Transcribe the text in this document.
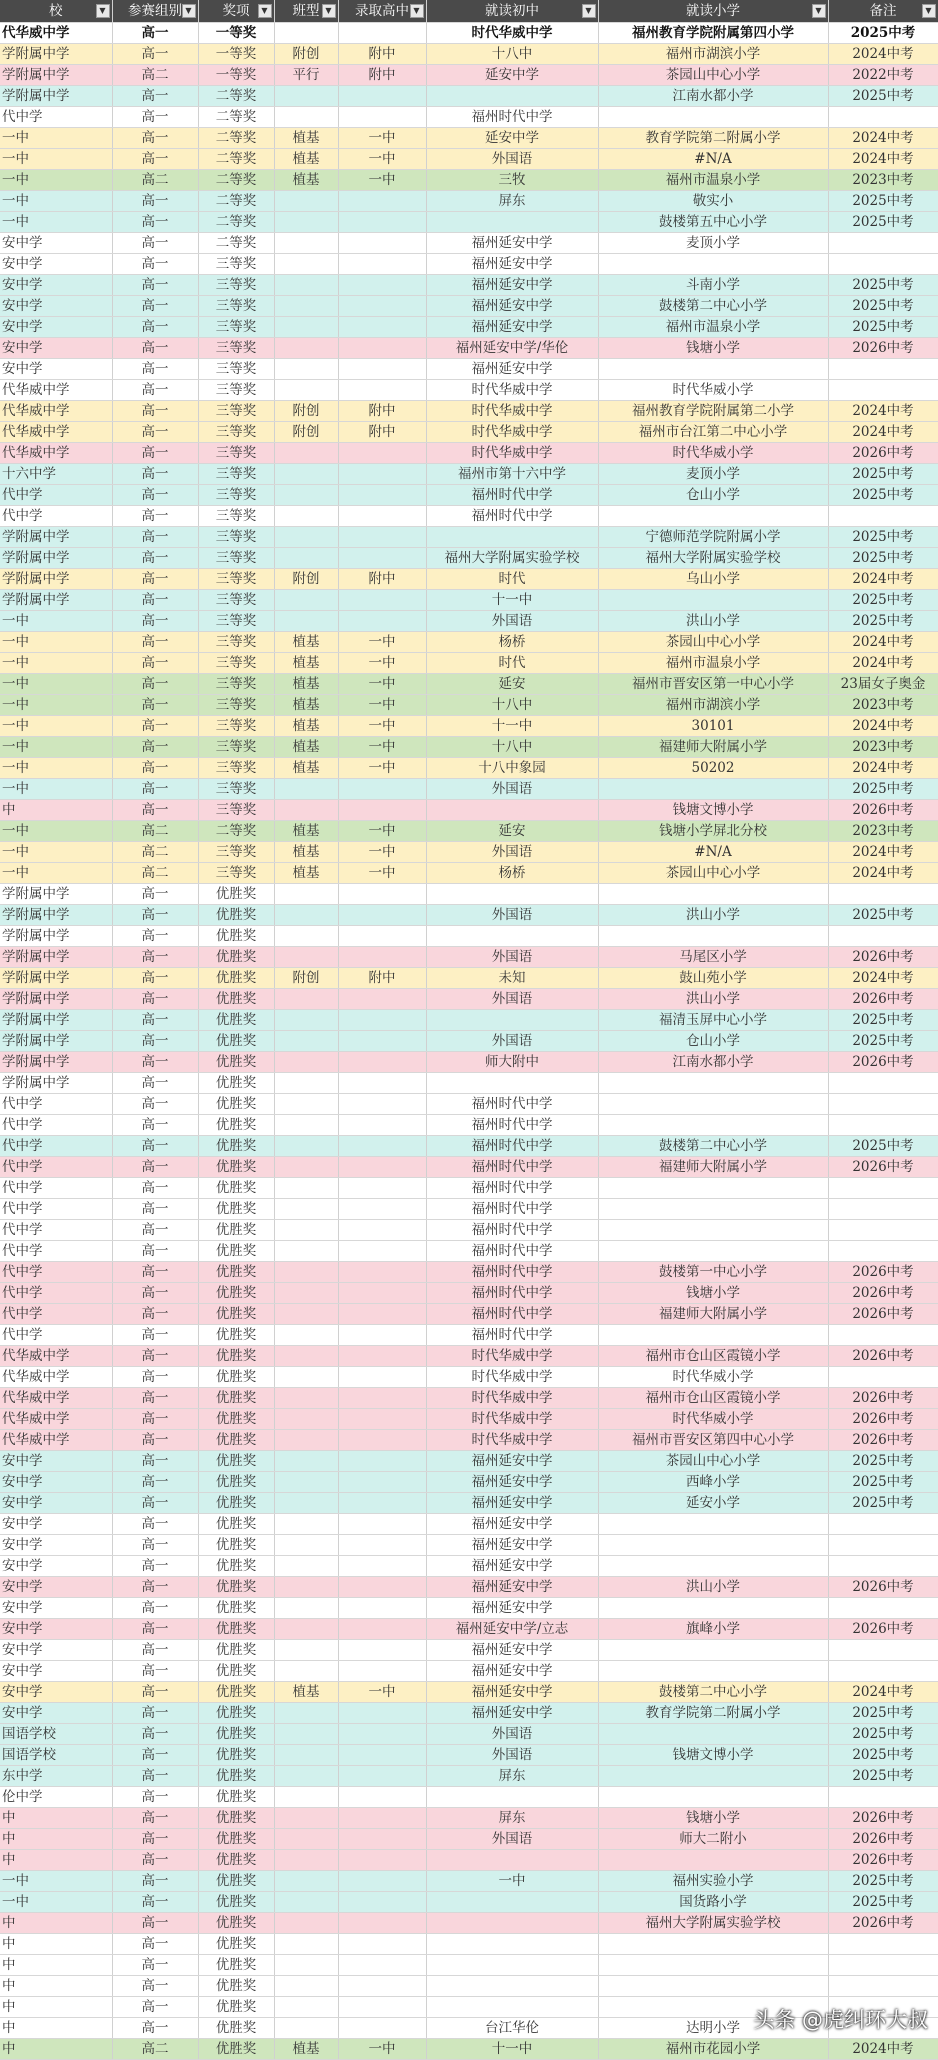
校 ▼	参赛组别 ▼	奖项 ▼	班型 ▼	录取高中 ▼	就读初中 ▼	就读小学 ▼	备注 ▼

代华威中学	高一	一等奖			时代华威中学	福州教育学院附属第四小学	2025中考
学附属中学	高一	一等奖	附创	附中	十八中	福州市湖滨小学	2024中考
学附属中学	高二	一等奖	平行	附中	延安中学	茶园山中心小学	2022中考
学附属中学	高一	二等奖				江南水都小学	2025中考
代中学	高一	二等奖			福州时代中学		
一中	高一	二等奖	植基	一中	延安中学	教育学院第二附属小学	2024中考
一中	高一	二等奖	植基	一中	外国语	#N/A	2024中考
一中	高二	二等奖	植基	一中	三牧	福州市温泉小学	2023中考
一中	高一	二等奖			屏东	敬实小	2025中考
一中	高一	二等奖				鼓楼第五中心小学	2025中考
安中学	高一	二等奖			福州延安中学	麦顶小学	
安中学	高一	三等奖			福州延安中学		
安中学	高一	三等奖			福州延安中学	斗南小学	2025中考
安中学	高一	三等奖			福州延安中学	鼓楼第二中心小学	2025中考
安中学	高一	三等奖			福州延安中学	福州市温泉小学	2025中考
安中学	高一	三等奖			福州延安中学/华伦	钱塘小学	2026中考
安中学	高一	三等奖			福州延安中学		
代华威中学	高一	三等奖			时代华威中学	时代华威小学	
代华威中学	高一	三等奖	附创	附中	时代华威中学	福州教育学院附属第二小学	2024中考
代华威中学	高一	三等奖	附创	附中	时代华威中学	福州市台江第二中心小学	2024中考
代华威中学	高一	三等奖			时代华威中学	时代华威小学	2026中考
十六中学	高一	三等奖			福州市第十六中学	麦顶小学	2025中考
代中学	高一	三等奖			福州时代中学	仓山小学	2025中考
代中学	高一	三等奖			福州时代中学		
学附属中学	高一	三等奖				宁德师范学院附属小学	2025中考
学附属中学	高一	三等奖			福州大学附属实验学校	福州大学附属实验学校	2025中考
学附属中学	高一	三等奖	附创	附中	时代	乌山小学	2024中考
学附属中学	高一	三等奖			十一中		2025中考
一中	高一	三等奖			外国语	洪山小学	2025中考
一中	高一	三等奖	植基	一中	杨桥	茶园山中心小学	2024中考
一中	高一	三等奖	植基	一中	时代	福州市温泉小学	2024中考
一中	高一	三等奖	植基	一中	延安	福州市晋安区第一中心小学	23届女子奥金
一中	高一	三等奖	植基	一中	十八中	福州市湖滨小学	2023中考
一中	高一	三等奖	植基	一中	十一中	30101	2024中考
一中	高一	三等奖	植基	一中	十八中	福建师大附属小学	2023中考
一中	高一	三等奖	植基	一中	十八中象园	50202	2024中考
一中	高一	三等奖			外国语		2025中考
中	高一	三等奖				钱塘文博小学	2026中考
一中	高二	二等奖	植基	一中	延安	钱塘小学屏北分校	2023中考
一中	高二	三等奖	植基	一中	外国语	#N/A	2024中考
一中	高二	三等奖	植基	一中	杨桥	茶园山中心小学	2024中考
学附属中学	高一	优胜奖					
学附属中学	高一	优胜奖			外国语	洪山小学	2025中考
学附属中学	高一	优胜奖					
学附属中学	高一	优胜奖			外国语	马尾区小学	2026中考
学附属中学	高一	优胜奖	附创	附中	未知	鼓山苑小学	2024中考
学附属中学	高一	优胜奖			外国语	洪山小学	2026中考
学附属中学	高一	优胜奖				福清玉屏中心小学	2025中考
学附属中学	高一	优胜奖			外国语	仓山小学	2025中考
学附属中学	高一	优胜奖			师大附中	江南水都小学	2026中考
学附属中学	高一	优胜奖					
代中学	高一	优胜奖			福州时代中学		
代中学	高一	优胜奖			福州时代中学		
代中学	高一	优胜奖			福州时代中学	鼓楼第二中心小学	2025中考
代中学	高一	优胜奖			福州时代中学	福建师大附属小学	2026中考
代中学	高一	优胜奖			福州时代中学		
代中学	高一	优胜奖			福州时代中学		
代中学	高一	优胜奖			福州时代中学		
代中学	高一	优胜奖			福州时代中学		
代中学	高一	优胜奖			福州时代中学	鼓楼第一中心小学	2026中考
代中学	高一	优胜奖			福州时代中学	钱塘小学	2026中考
代中学	高一	优胜奖			福州时代中学	福建师大附属小学	2026中考
代中学	高一	优胜奖			福州时代中学		
代华威中学	高一	优胜奖			时代华威中学	福州市仓山区霞镜小学	2026中考
代华威中学	高一	优胜奖			时代华威中学	时代华威小学	
代华威中学	高一	优胜奖			时代华威中学	福州市仓山区霞镜小学	2026中考
代华威中学	高一	优胜奖			时代华威中学	时代华威小学	2026中考
代华威中学	高一	优胜奖			时代华威中学	福州市晋安区第四中心小学	2026中考
安中学	高一	优胜奖			福州延安中学	茶园山中心小学	2025中考
安中学	高一	优胜奖			福州延安中学	西峰小学	2025中考
安中学	高一	优胜奖			福州延安中学	延安小学	2025中考
安中学	高一	优胜奖			福州延安中学		
安中学	高一	优胜奖			福州延安中学		
安中学	高一	优胜奖			福州延安中学		
安中学	高一	优胜奖			福州延安中学	洪山小学	2026中考
安中学	高一	优胜奖			福州延安中学		
安中学	高一	优胜奖			福州延安中学/立志	旗峰小学	2026中考
安中学	高一	优胜奖			福州延安中学		
安中学	高一	优胜奖			福州延安中学		
安中学	高一	优胜奖	植基	一中	福州延安中学	鼓楼第二中心小学	2024中考
安中学	高一	优胜奖			福州延安中学	教育学院第二附属小学	2025中考
国语学校	高一	优胜奖			外国语		2025中考
国语学校	高一	优胜奖			外国语	钱塘文博小学	2025中考
东中学	高一	优胜奖			屏东		2025中考
伦中学	高一	优胜奖					
中	高一	优胜奖			屏东	钱塘小学	2026中考
中	高一	优胜奖			外国语	师大二附小	2026中考
中	高一	优胜奖					2026中考
一中	高一	优胜奖			一中	福州实验小学	2025中考
一中	高一	优胜奖				国货路小学	2025中考
中	高一	优胜奖				福州大学附属实验学校	2026中考
中	高一	优胜奖					
中	高一	优胜奖					
中	高一	优胜奖					
中	高一	优胜奖					
中	高一	优胜奖			台江华伦	达明小学	
中	高二	优胜奖	植基	一中	十一中	福州市花园小学	2024中考
头条 @虎纠环大叔
